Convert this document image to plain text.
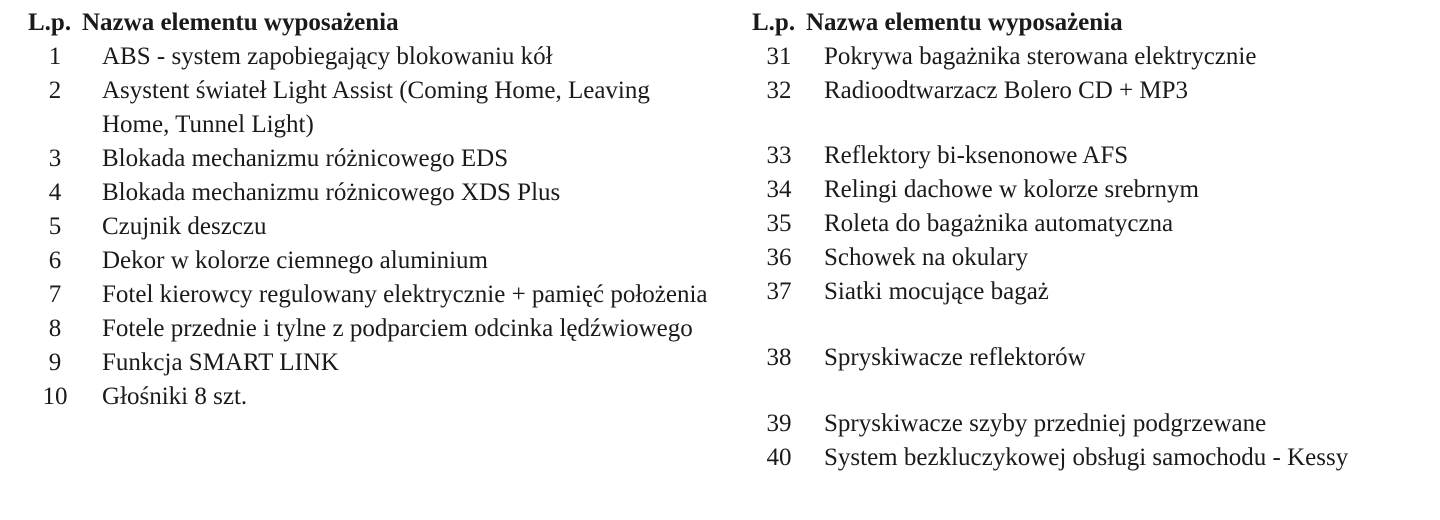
L.p. Nazwa elementu wyposażenia
1	ABS - system zapobiegający blokowaniu kół
2	Asystent świateł Light Assist (Coming Home, Leaving Home, Tunnel Light)
3	Blokada mechanizmu różnicowego EDS
4	Blokada mechanizmu różnicowego XDS Plus
5	Czujnik deszczu
6	Dekor w kolorze ciemnego aluminium
7	Fotel kierowcy regulowany elektrycznie + pamięć położenia
8	Fotele przednie i tylne z podparciem odcinka lędźwiowego
9	Funkcja SMART LINK
10	Głośniki 8 szt.
L.p. Nazwa elementu wyposażenia
31	Pokrywa bagażnika sterowana elektrycznie
32	Radioodtwarzacz Bolero CD + MP3
33	Reflektory bi-ksenonowe AFS
34	Relingi dachowe w kolorze srebrnym
35	Roleta do bagażnika automatyczna
36	Schowek na okulary
37	Siatki mocujące bagaż
38	Spryskiwacze reflektorów
39	Spryskiwacze szyby przedniej podgrzewane
40	System bezkluczykowej obsługi samochodu - Kessy
